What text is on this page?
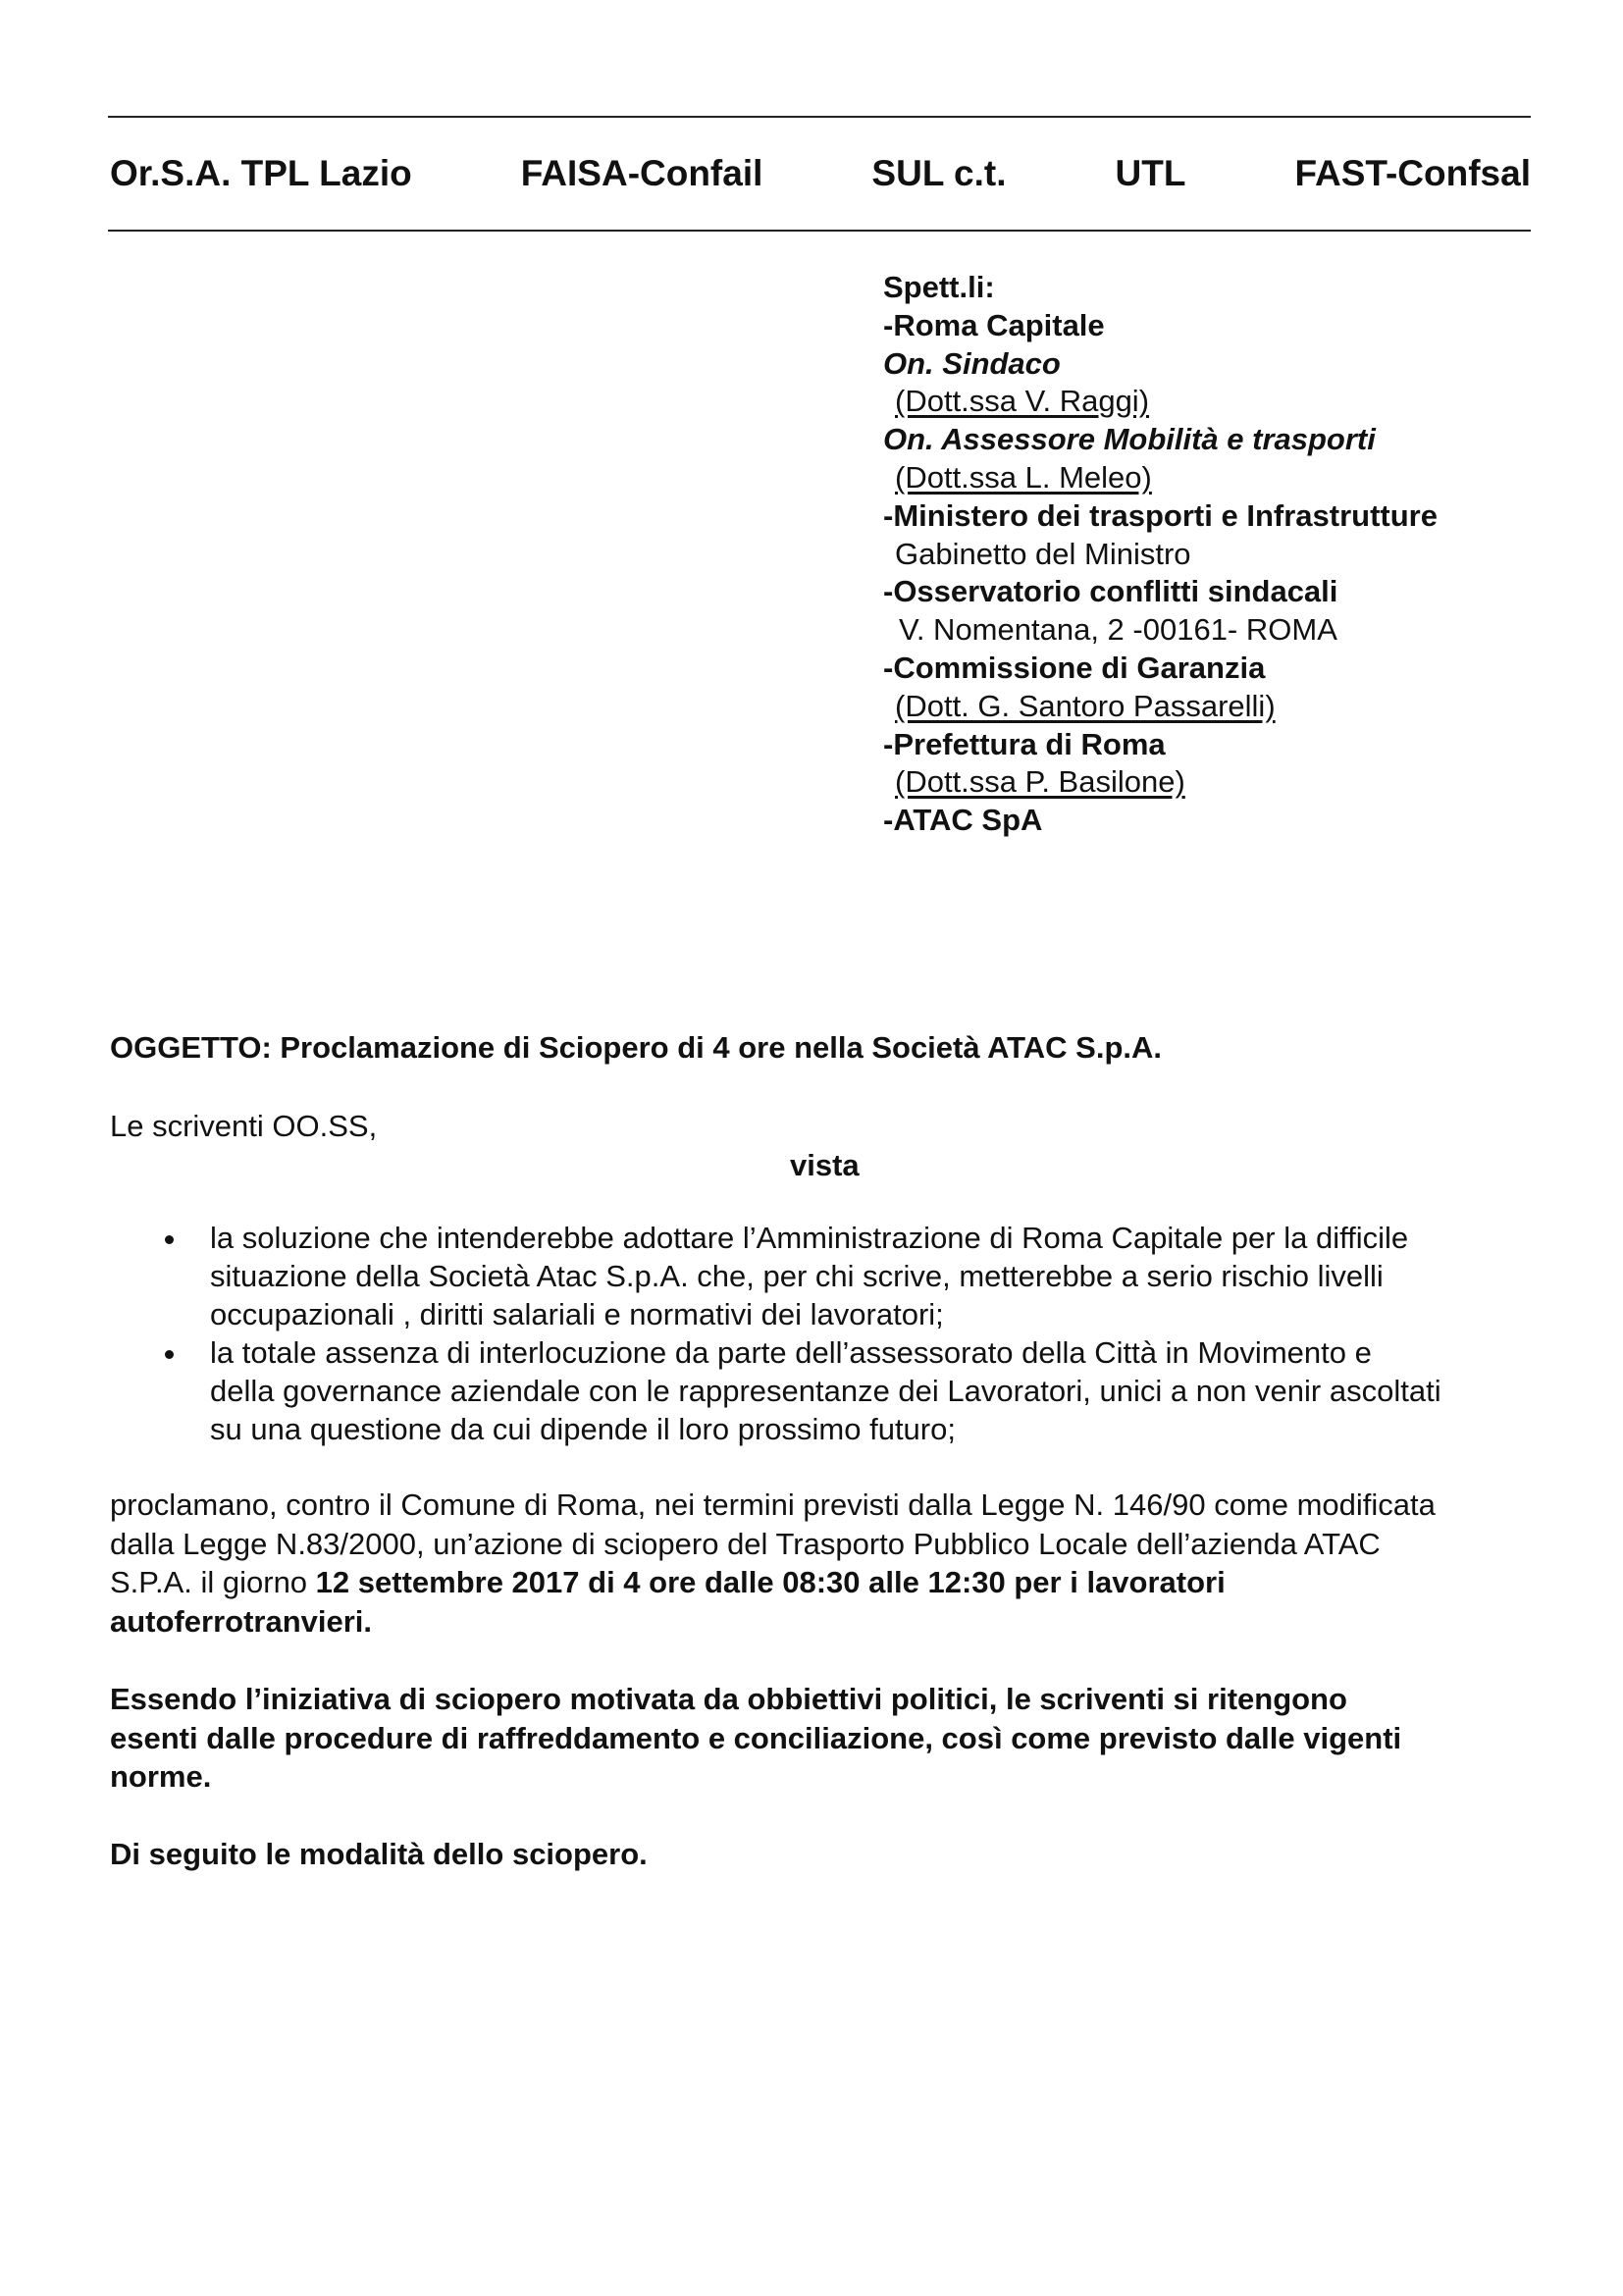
Or.S.A. TPL Lazio	FAISA-Confail	SUL c.t.	UTL	FAST-Confsal
Spett.li:
-Roma Capitale
On. Sindaco
(Dott.ssa V. Raggi)
On. Assessore Mobilità e trasporti
(Dott.ssa L. Meleo)
-Ministero dei trasporti e Infrastrutture
Gabinetto del Ministro
-Osservatorio conflitti sindacali
V. Nomentana, 2 -00161- ROMA
-Commissione di Garanzia
(Dott. G. Santoro Passarelli)
-Prefettura di Roma
(Dott.ssa P. Basilone)
-ATAC SpA
OGGETTO: Proclamazione di Sciopero di 4 ore nella Società ATAC S.p.A.
Le scriventi OO.SS,
vista
la soluzione che intenderebbe adottare l’Amministrazione di Roma Capitale per la difficile
situazione della Società Atac S.p.A. che, per chi scrive, metterebbe a serio rischio livelli
occupazionali , diritti salariali e normativi dei lavoratori;
la totale assenza di interlocuzione da parte dell’assessorato della Città in Movimento e
della governance aziendale con le rappresentanze dei Lavoratori, unici a non venir ascoltati
su una questione da cui dipende il loro prossimo futuro;
proclamano, contro il Comune di Roma, nei termini previsti dalla Legge N. 146/90 come modificata
dalla Legge N.83/2000, un’azione di sciopero del Trasporto Pubblico Locale dell’azienda ATAC
S.P.A. il giorno 12 settembre 2017 di 4 ore dalle 08:30 alle 12:30 per i lavoratori
autoferrotranvieri.
Essendo l’iniziativa di sciopero motivata da obbiettivi politici, le scriventi si ritengono
esenti dalle procedure di raffreddamento e conciliazione, così come previsto dalle vigenti
norme.
Di seguito le modalità dello sciopero.
